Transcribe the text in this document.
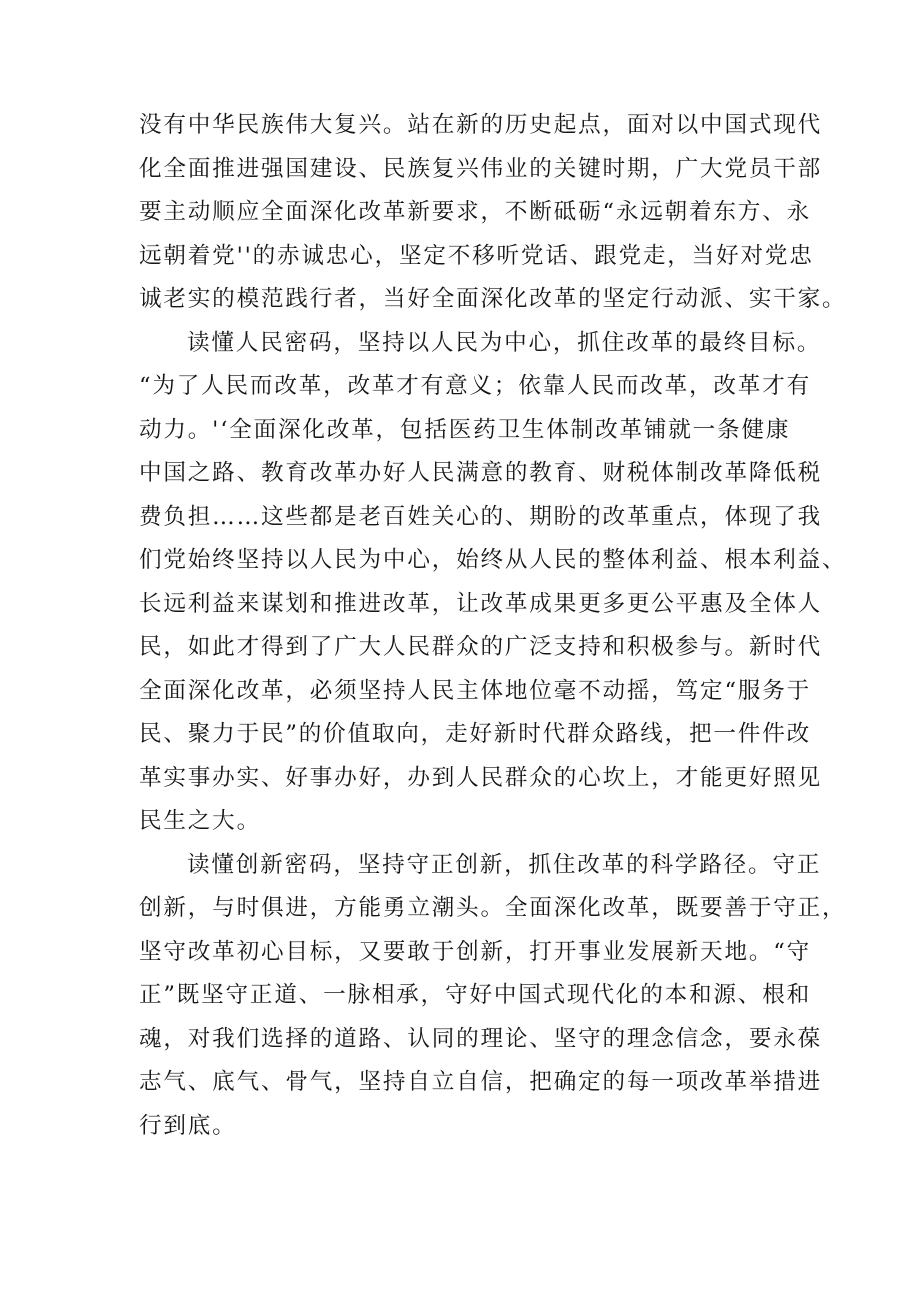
没有中华民族伟大复兴。站在新的历史起点，面对以中国式现代
化全面推进强国建设、民族复兴伟业的关键时期，广大党员干部
要主动顺应全面深化改革新要求，不断砥砺“永远朝着东方、永
远朝着党''的赤诚忠心，坚定不移听党话、跟党走，当好对党忠
诚老实的模范践行者，当好全面深化改革的坚定行动派、实干家。
读懂人民密码，坚持以人民为中心，抓住改革的最终目标。
“为了人民而改革，改革才有意义；依靠人民而改革，改革才有
动力。'‘全面深化改革，包括医药卫生体制改革铺就一条健康
中国之路、教育改革办好人民满意的教育、财税体制改革降低税
费负担……这些都是老百姓关心的、期盼的改革重点，体现了我
们党始终坚持以人民为中心，始终从人民的整体利益、根本利益、
长远利益来谋划和推进改革，让改革成果更多更公平惠及全体人
民，如此才得到了广大人民群众的广泛支持和积极参与。新时代
全面深化改革，必须坚持人民主体地位毫不动摇，笃定“服务于
民、聚力于民”的价值取向，走好新时代群众路线，把一件件改
革实事办实、好事办好，办到人民群众的心坎上，才能更好照见
民生之大。
读懂创新密码，坚持守正创新，抓住改革的科学路径。守正
创新，与时俱进，方能勇立潮头。全面深化改革，既要善于守正，
坚守改革初心目标，又要敢于创新，打开事业发展新天地。“守
正”既坚守正道、一脉相承，守好中国式现代化的本和源、根和
魂，对我们选择的道路、认同的理论、坚守的理念信念，要永葆
志气、底气、骨气，坚持自立自信，把确定的每一项改革举措进
行到底。
